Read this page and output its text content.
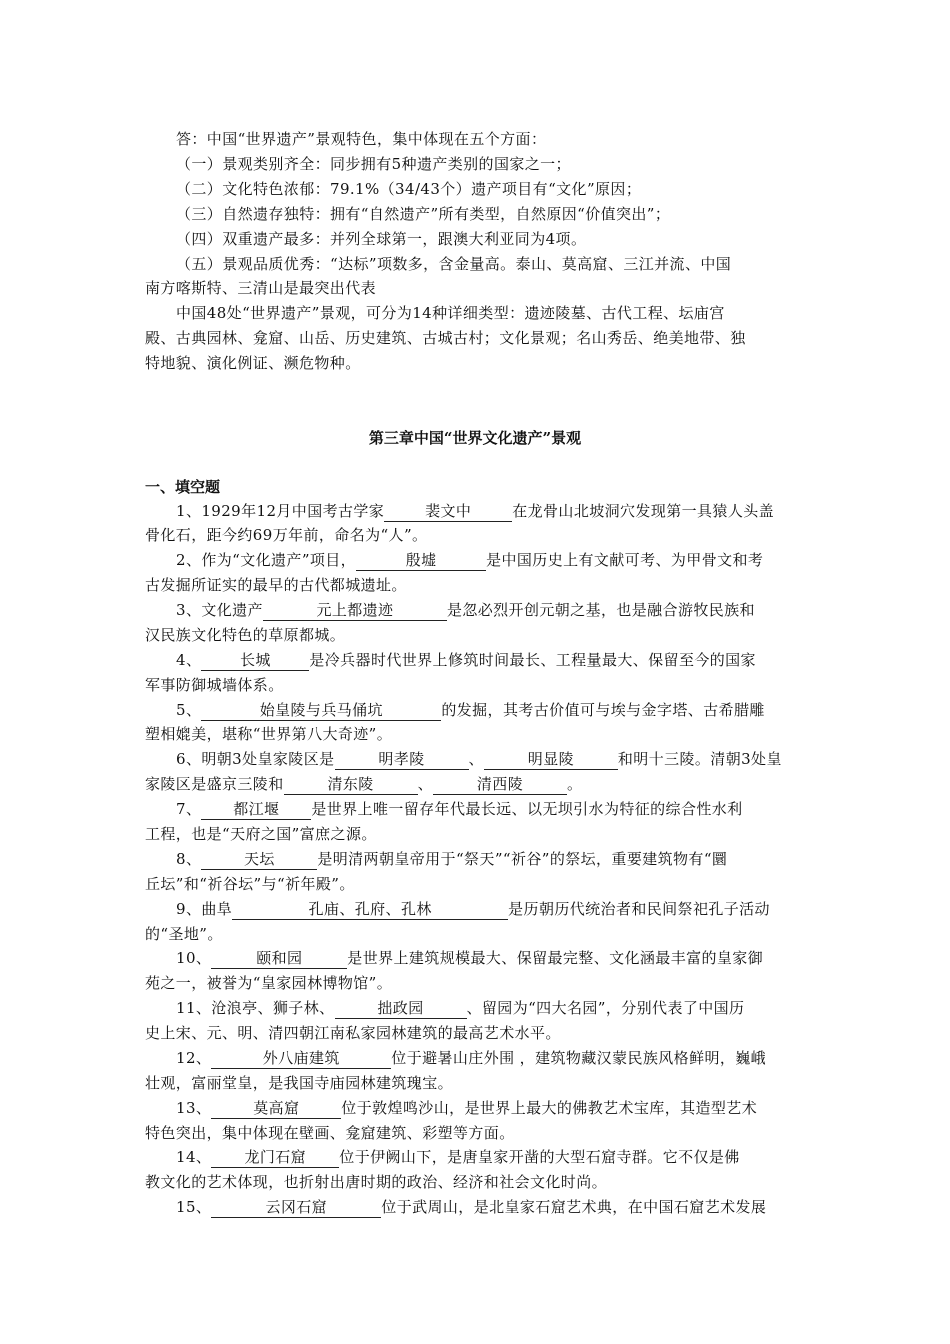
答：中国“世界遗产”景观特色，集中体现在五个方面：
（一）景观类别齐全：同步拥有5种遗产类别的国家之一；
（二）文化特色浓郁：79.1%（34/43个）遗产项目有“文化”原因；
（三）自然遗存独特：拥有“自然遗产”所有类型，自然原因“价值突出”；
（四）双重遗产最多：并列全球第一，跟澳大利亚同为4项。
（五）景观品质优秀：“达标”项数多，含金量高。泰山、莫高窟、三江并流、中国
南方喀斯特、三清山是最突出代表
中国48处“世界遗产”景观，可分为14种详细类型：遗迹陵墓、古代工程、坛庙宫
殿、古典园林、龛窟、山岳、历史建筑、古城古村；文化景观；名山秀岳、绝美地带、独
特地貌、演化例证、濒危物种。
第三章中国“世界文化遗产”景观
一、填空题
1、1929年12月中国考古学家	裴文中	在龙骨山北坡洞穴发现第一具猿人头盖
骨化石，距今约69万年前，命名为“人”。
2、作为“文化遗产”项目，	殷墟	是中国历史上有文献可考、为甲骨文和考
古发掘所证实的最早的古代都城遗址。
3、文化遗产	元上都遗迹	是忽必烈开创元朝之基，也是融合游牧民族和
汉民族文化特色的草原都城。
4、	长城	是冷兵器时代世界上修筑时间最长、工程量最大、保留至今的国家
军事防御城墙体系。
5、	始皇陵与兵马俑坑	的发掘，其考古价值可与埃与金字塔、古希腊雕
塑相媲美，堪称“世界第八大奇迹”。
6、明朝3处皇家陵区是	明孝陵	、	明显陵	和明十三陵。清朝3处皇
家陵区是盛京三陵和	清东陵	、	清西陵	。
7、 都江堰 是世界上唯一留存年代最长远、以无坝引水为特征的综合性水利
工程，也是“天府之国”富庶之源。
8、	天坛	是明清两朝皇帝用于“祭天”“祈谷”的祭坛，重要建筑物有“圜
丘坛”和“祈谷坛”与“祈年殿”。
9、曲阜	孔庙、孔府、孔林	是历朝历代统治者和民间祭祀孔子活动
的“圣地”。
10、	颐和园	是世界上建筑规模最大、保留最完整、文化涵最丰富的皇家御
苑之一，被誉为“皇家园林博物馆”。
11、沧浪亭、狮子林、	拙政园	、留园为“四大名园”，分别代表了中国历
史上宋、元、明、清四朝江南私家园林建筑的最高艺术水平。
12、	外八庙建筑	位于避暑山庄外围 ，建筑物藏汉蒙民族风格鲜明，巍峨
壮观，富丽堂皇，是我国寺庙园林建筑瑰宝。
13、	莫高窟	位于敦煌鸣沙山，是世界上最大的佛教艺术宝库，其造型艺术
特色突出，集中体现在壁画、龛窟建筑、彩塑等方面。
14、 龙门石窟 位于伊阙山下，是唐皇家开凿的大型石窟寺群。它不仅是佛
教文化的艺术体现，也折射出唐时期的政治、经济和社会文化时尚。
15、	云冈石窟	位于武周山，是北皇家石窟艺术典，在中国石窟艺术发展
